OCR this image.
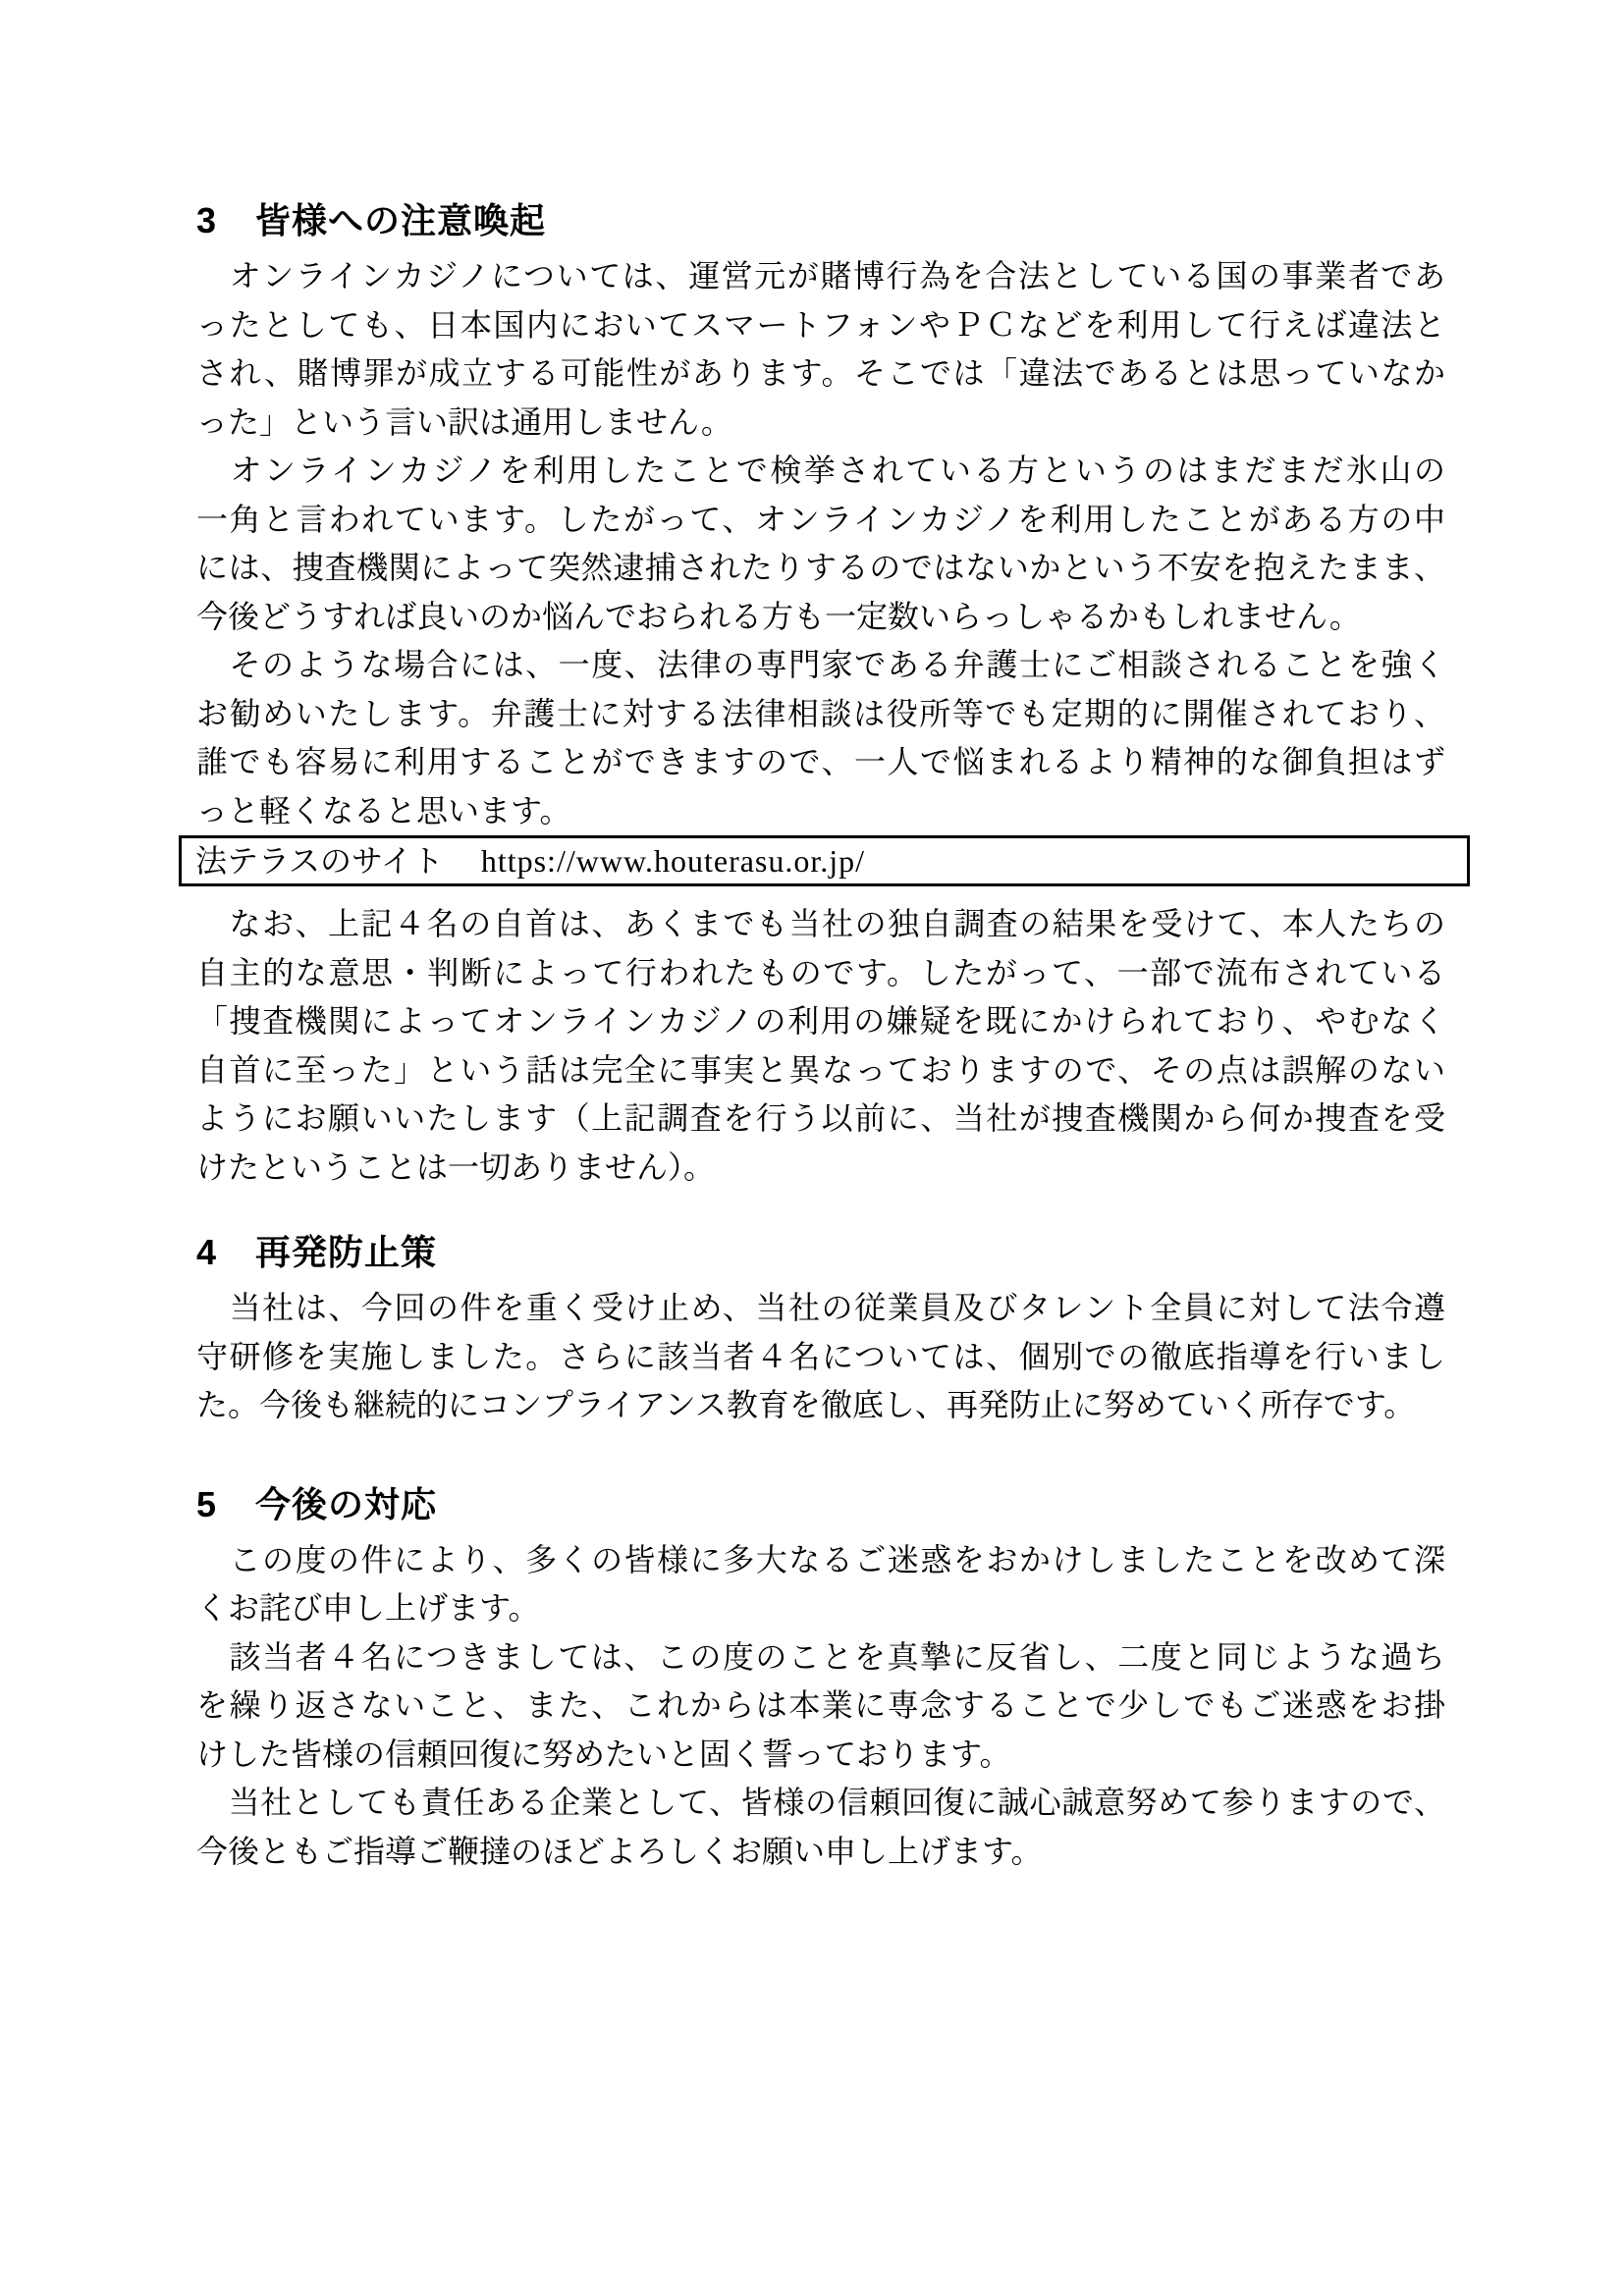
3 皆様への注意喚起
　オンラインカジノについては、運営元が賭博行為を合法としている国の事業者であ
ったとしても、日本国内においてスマートフォンやＰＣなどを利用して行えば違法と
され、賭博罪が成立する可能性があります。そこでは「違法であるとは思っていなか
った」という言い訳は通用しません。
　オンラインカジノを利用したことで検挙されている方というのはまだまだ氷山の
一角と言われています。したがって、オンラインカジノを利用したことがある方の中
には、捜査機関によって突然逮捕されたりするのではないかという不安を抱えたまま、
今後どうすれば良いのか悩んでおられる方も一定数いらっしゃるかもしれません。
　そのような場合には、一度、法律の専門家である弁護士にご相談されることを強く
お勧めいたします。弁護士に対する法律相談は役所等でも定期的に開催されており、
誰でも容易に利用することができますので、一人で悩まれるより精神的な御負担はず
っと軽くなると思います。
法テラスのサイト https://www.houterasu.or.jp/
　なお、上記４名の自首は、あくまでも当社の独自調査の結果を受けて、本人たちの
自主的な意思・判断によって行われたものです。したがって、一部で流布されている
「捜査機関によってオンラインカジノの利用の嫌疑を既にかけられており、やむなく
自首に至った」という話は完全に事実と異なっておりますので、その点は誤解のない
ようにお願いいたします（上記調査を行う以前に、当社が捜査機関から何か捜査を受
けたということは一切ありません）。
4 再発防止策
　当社は、今回の件を重く受け止め、当社の従業員及びタレント全員に対して法令遵
守研修を実施しました。さらに該当者４名については、個別での徹底指導を行いまし
た。今後も継続的にコンプライアンス教育を徹底し、再発防止に努めていく所存です。
5 今後の対応
　この度の件により、多くの皆様に多大なるご迷惑をおかけしましたことを改めて深
くお詫び申し上げます。
　該当者４名につきましては、この度のことを真摯に反省し、二度と同じような過ち
を繰り返さないこと、また、これからは本業に専念することで少しでもご迷惑をお掛
けした皆様の信頼回復に努めたいと固く誓っております。
　当社としても責任ある企業として、皆様の信頼回復に誠心誠意努めて参りますので、
今後ともご指導ご鞭撻のほどよろしくお願い申し上げます。
